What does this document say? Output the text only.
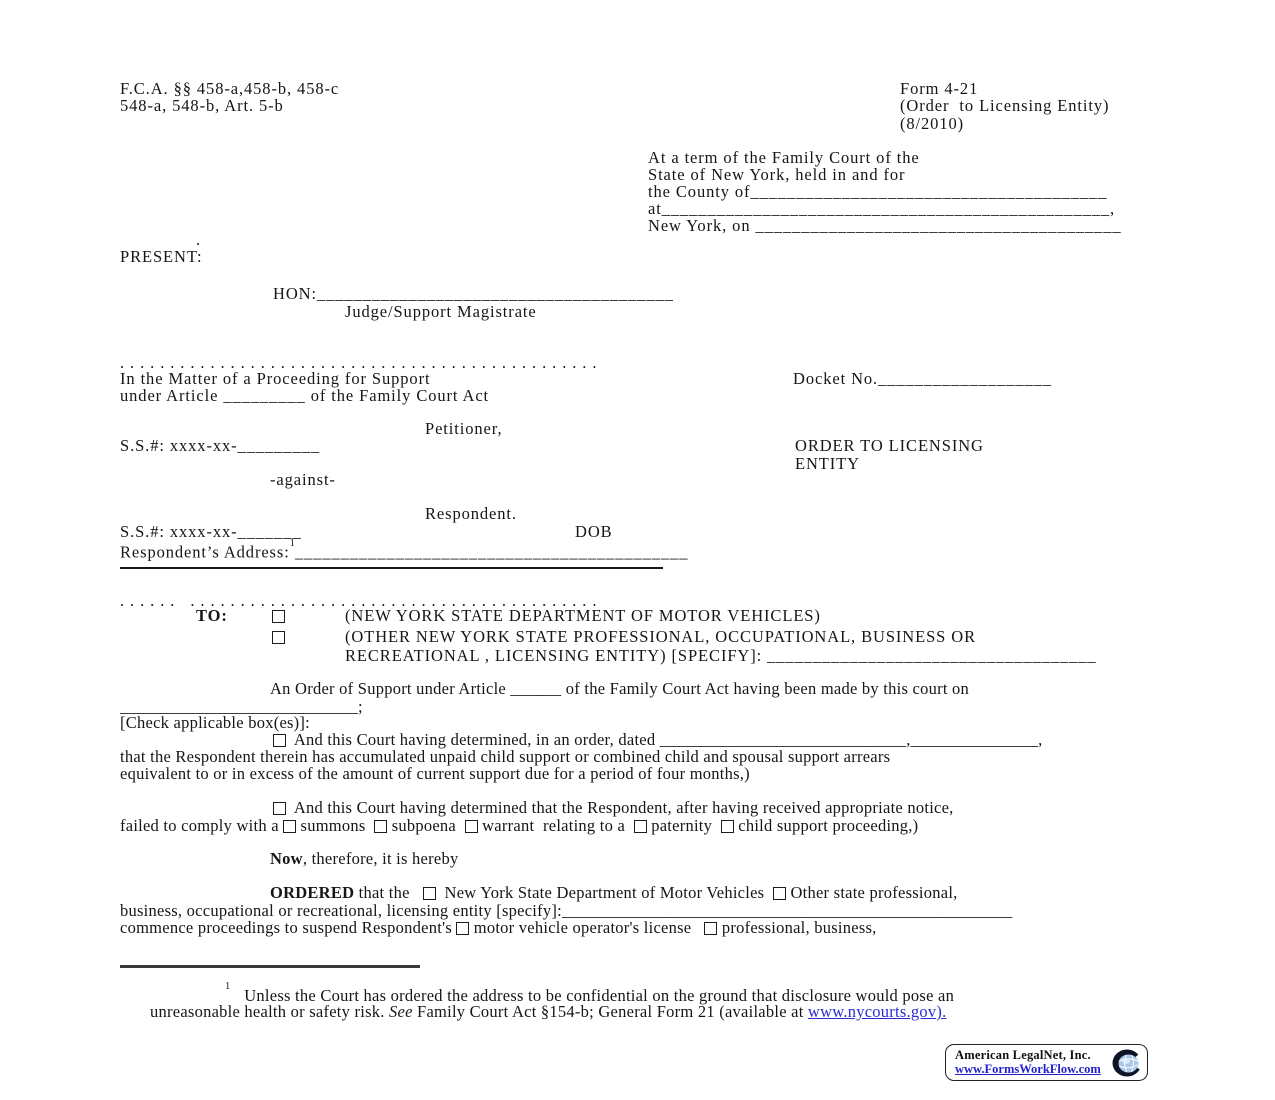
F.C.A. §§ 458-a,458-b, 458-c
548-a, 548-b, Art. 5-b
Form 4-21
(Order  to Licensing Entity)
(8/2010)
At a term of the Family Court of the
State of New York, held in and for
the County of_______________________________________
at_________________________________________________,
New York, on ________________________________________
.
PRESENT:
HON:_______________________________________
Judge/Support Magistrate
. . . . . . . . . . . . . . . . . . . . . . . . . . . . . . . . . . . . . . . . . . . . . . . .
In the Matter of a Proceeding for Support	Docket No.___________________
under Article _________ of the Family Court Act
Petitioner,
S.S.#: xxxx-xx-_________	ORDER TO LICENSING
ENTITY
-against-
Respondent.
S.S.#: xxxx-xx-_______	DOB
Respondent’s Address:$^1$___________________________________________
. . . . . .   . . . . . . . . . . . . . . . . . . . . . . . . . . . . . . . . . . . . . . . . .
TO:	(NEW YORK STATE DEPARTMENT OF MOTOR VEHICLES)
(OTHER NEW YORK STATE PROFESSIONAL, OCCUPATIONAL, BUSINESS OR
RECREATIONAL , LICENSING ENTITY) [SPECIFY]: ____________________________________
An Order of Support under Article ______ of the Family Court Act having been made by this court on
____________________________;
[Check applicable box(es)]:
And this Court having determined, in an order, dated _____________________________,_______________,
that the Respondent therein has accumulated unpaid child support or combined child and spousal support arrears
equivalent to or in excess of the amount of current support due for a period of four months,)
And this Court having determined that the Respondent, after having received appropriate notice,
failed to comply with a  summons   subpoena   warrant  relating to a   paternity   child support proceeding,)
Now, therefore, it is hereby
ORDERED that the     New York State Department of Motor Vehicles   Other state professional,
business, occupational or recreational, licensing entity [specify]:_____________________________________________________
commence proceedings to suspend Respondent's  motor vehicle operator's license    professional, business,
$^1$ Unless the Court has ordered the address to be confidential on the ground that disclosure would pose an
unreasonable health or safety risk. See Family Court Act §154-b; General Form 21 (available at www.nycourts.gov).
American LegalNet, Inc.
www.FormsWorkFlow.com
